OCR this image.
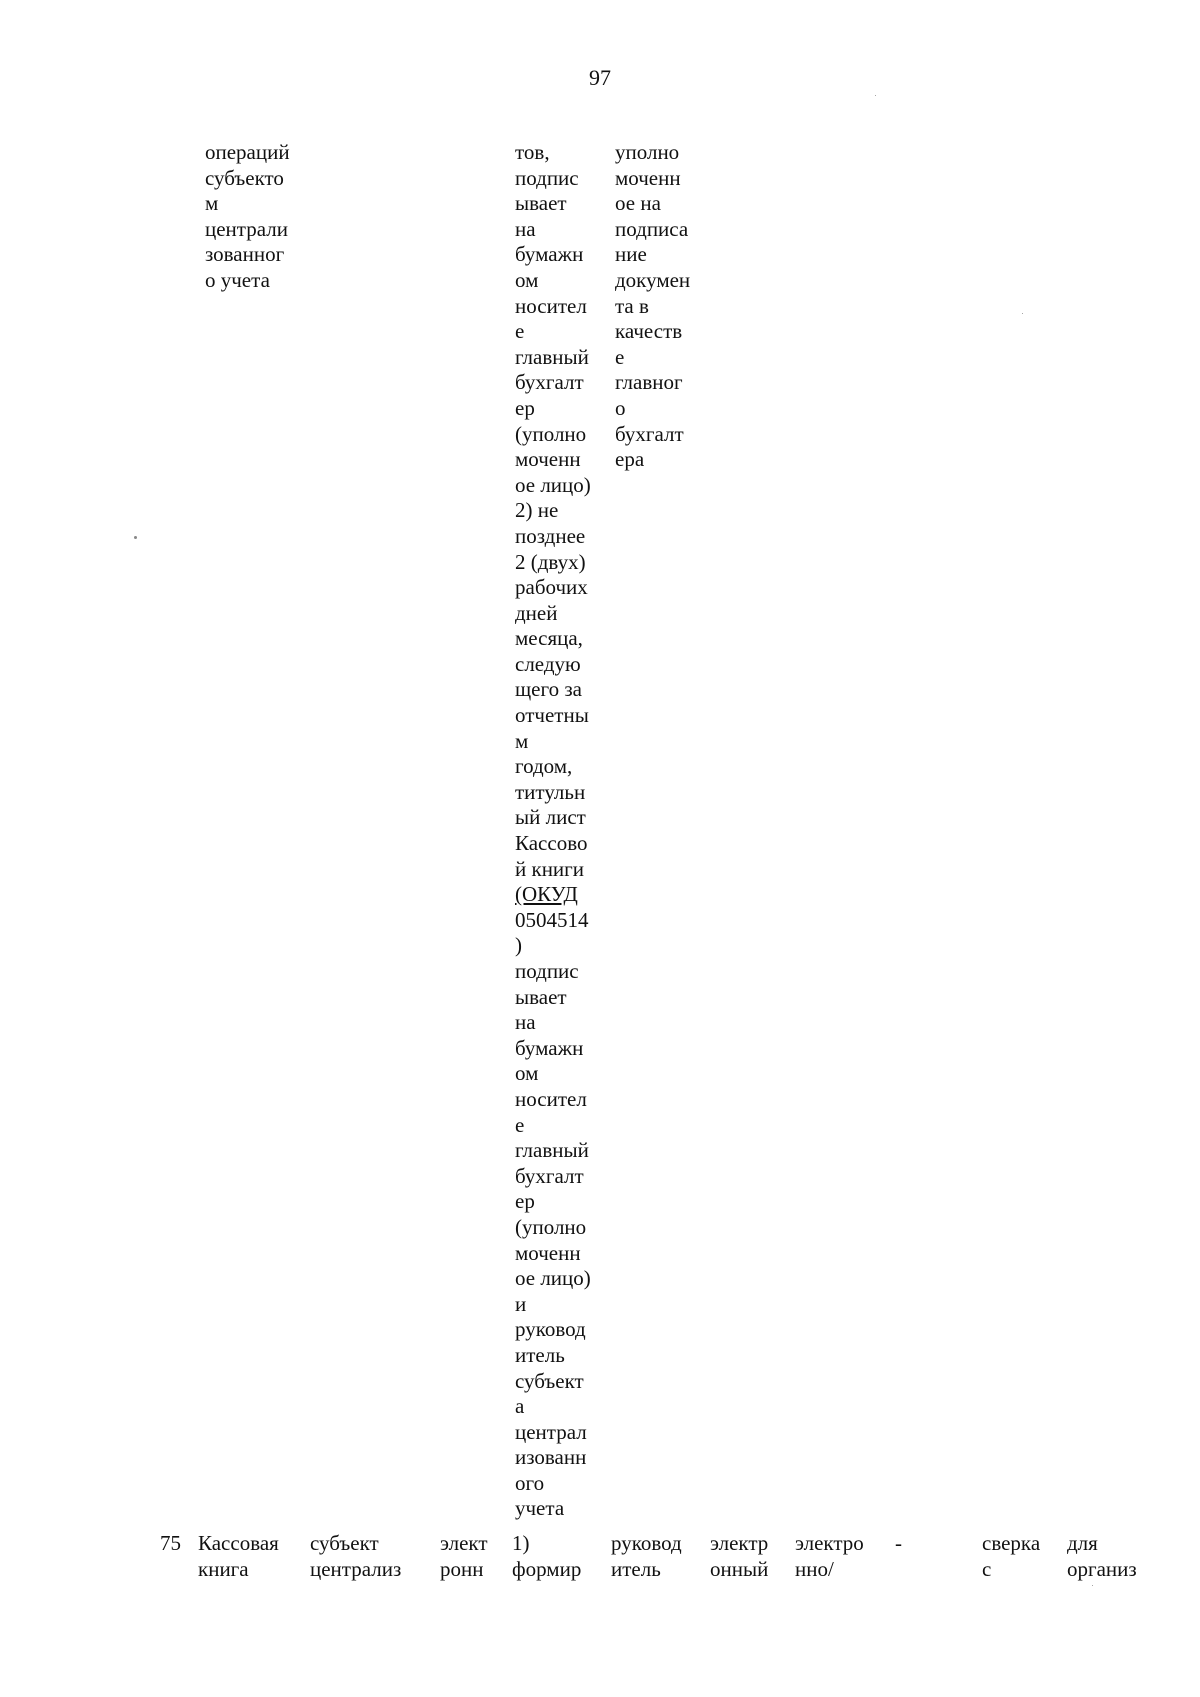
97
операций
субъекто
м
централи
зованног
о учета
тов,
подпис
ывает
на
бумажн
ом
носител
е
главный
бухгалт
ер
(уполно
моченн
ое лицо)
2) не
позднее
2 (двух)
рабочих
дней
месяца,
следую
щего за
отчетны
м
годом,
титульн
ый лист
Кассово
й книги
(ОКУД
0504514
)
подпис
ывает
на
бумажн
ом
носител
е
главный
бухгалт
ер
(уполно
моченн
ое лицо)
и
руковод
итель
субъект
а
централ
изованн
ого
учета
уполно
моченн
ое на
подписа
ние
докумен
та в
качеств
е
главног
о
бухгалт
ера
75 Кассовая
книга
субъект
централиз
элект
ронн
1)
формир
руковод
итель
электр
онный
электро
нно/
-	сверка
с
для
организ
